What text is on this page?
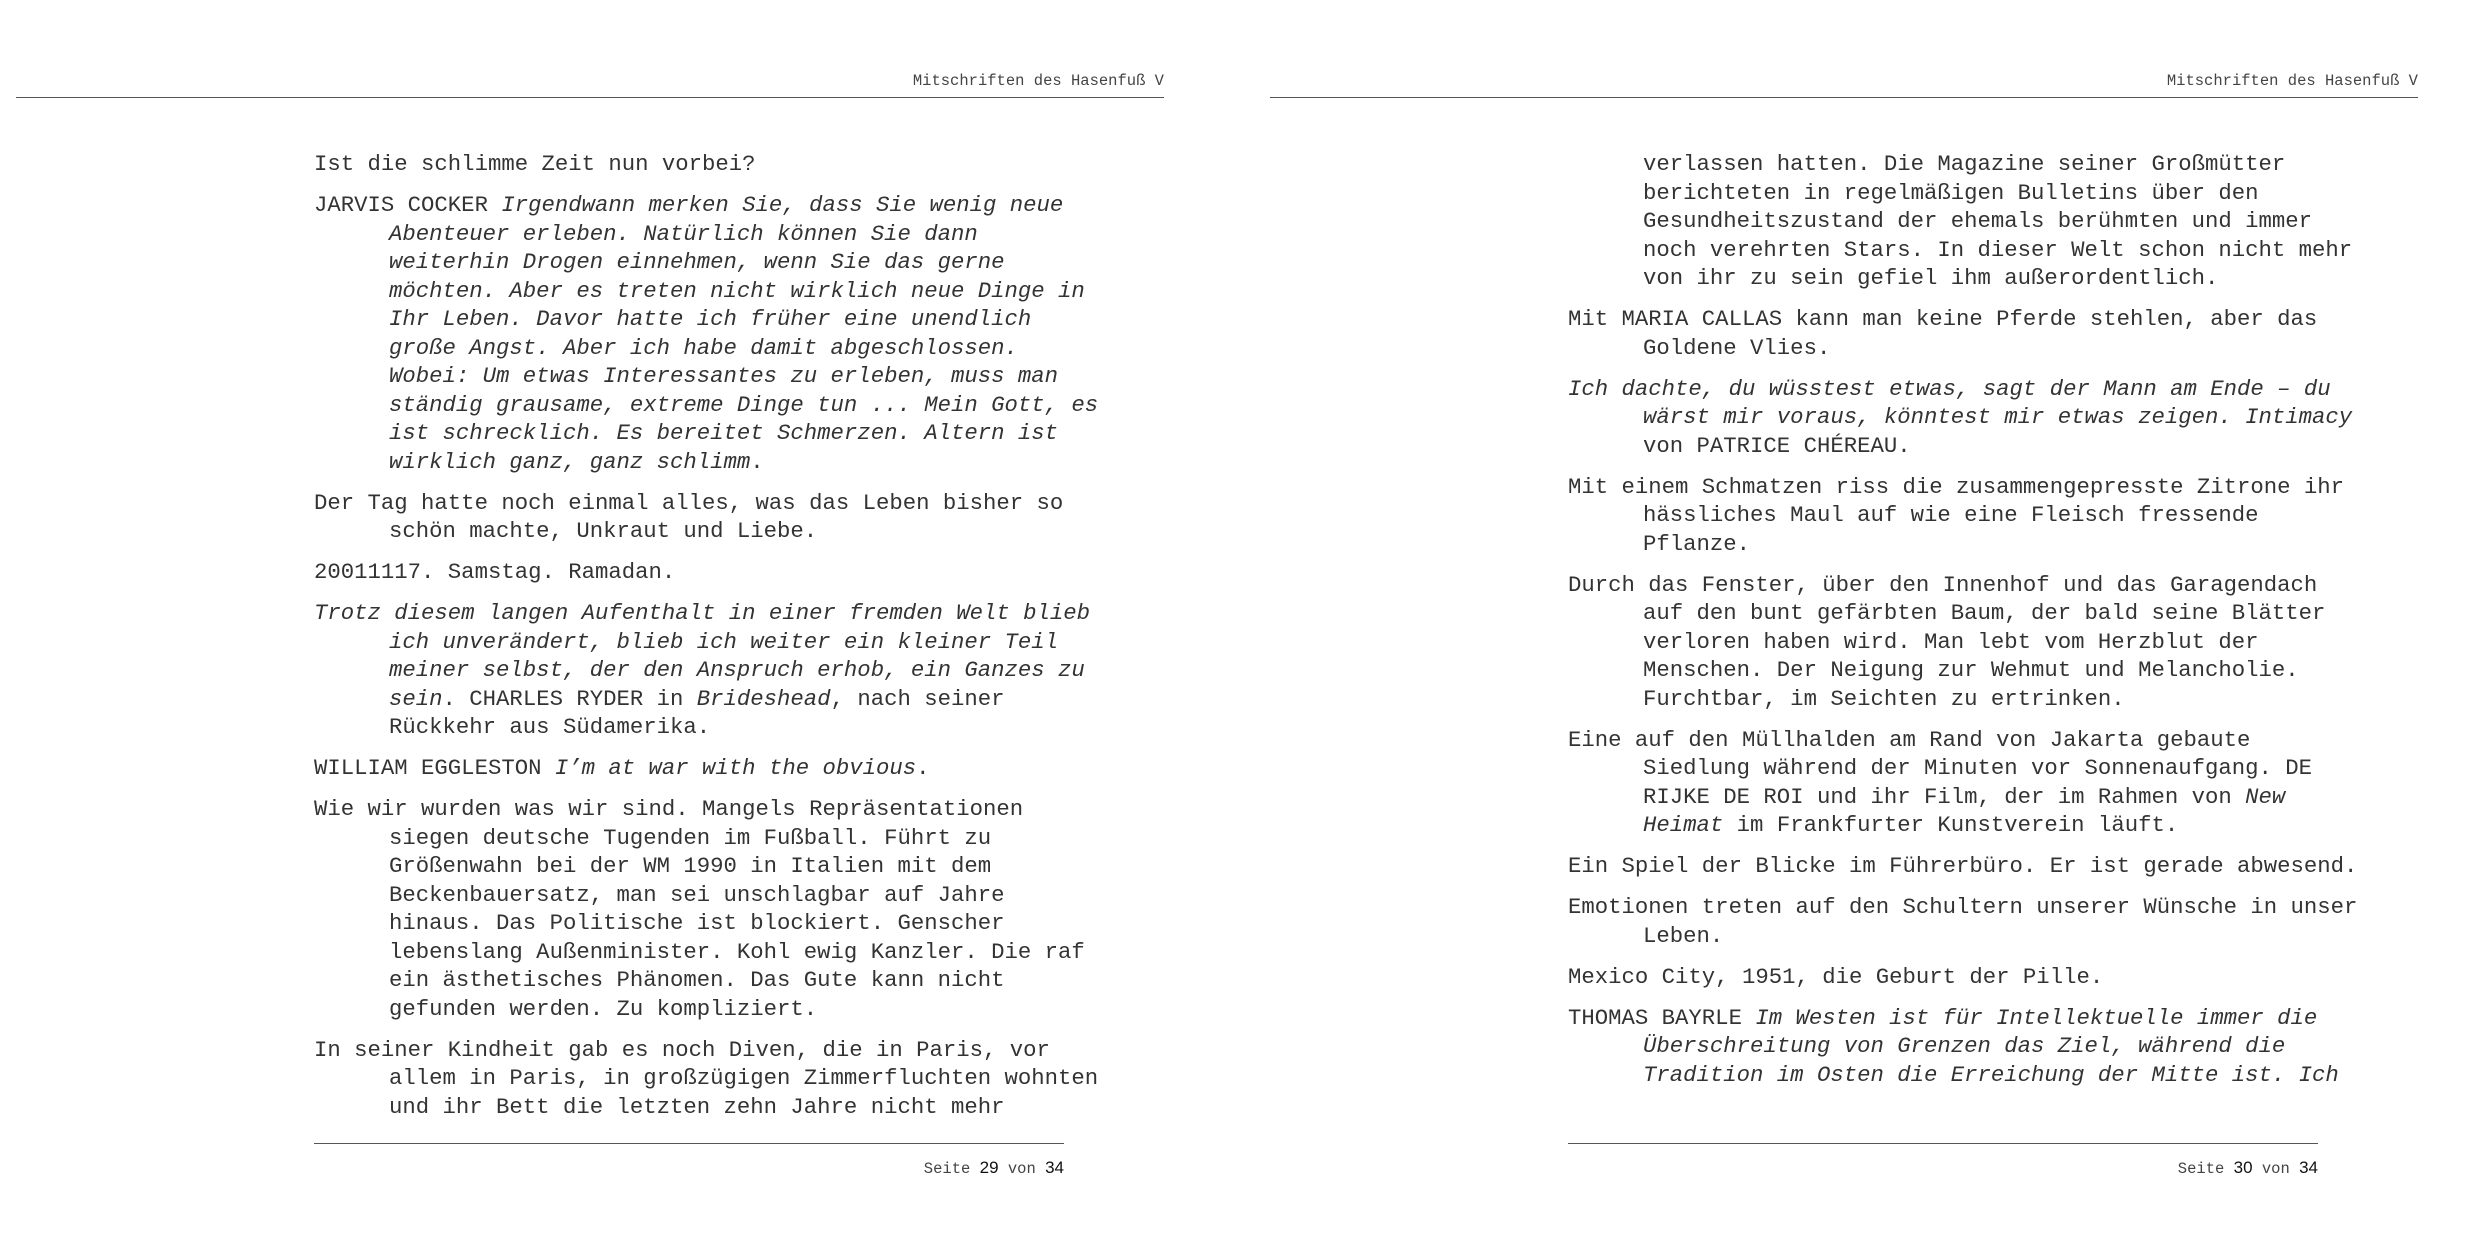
Mitschriften des Hasenfuß V

Ist die schlimme Zeit nun vorbei?

JARVIS COCKER Irgendwann merken Sie, dass Sie wenig neue Abenteuer erleben. Natürlich können Sie dann weiterhin Drogen einnehmen, wenn Sie das gerne möchten. Aber es treten nicht wirklich neue Dinge in Ihr Leben. Davor hatte ich früher eine unendlich große Angst. Aber ich habe damit abgeschlossen. Wobei: Um etwas Interessantes zu erleben, muss man ständig grausame, extreme Dinge tun ... Mein Gott, es ist schrecklich. Es bereitet Schmerzen. Altern ist wirklich ganz, ganz schlimm.

Der Tag hatte noch einmal alles, was das Leben bisher so schön machte, Unkraut und Liebe.

20011117. Samstag. Ramadan.

Trotz diesem langen Aufenthalt in einer fremden Welt blieb ich unverändert, blieb ich weiter ein kleiner Teil meiner selbst, der den Anspruch erhob, ein Ganzes zu sein. CHARLES RYDER in Brideshead, nach seiner Rückkehr aus Südamerika.

WILLIAM EGGLESTON I’m at war with the obvious.

Wie wir wurden was wir sind. Mangels Repräsentationen siegen deutsche Tugenden im Fußball. Führt zu Größenwahn bei der WM 1990 in Italien mit dem Beckenbauersatz, man sei unschlagbar auf Jahre hinaus. Das Politische ist blockiert. Genscher lebenslang Außenminister. Kohl ewig Kanzler. Die raf ein ästhetisches Phänomen. Das Gute kann nicht gefunden werden. Zu kompliziert.

In seiner Kindheit gab es noch Diven, die in Paris, vor allem in Paris, in großzügigen Zimmerfluchten wohnten und ihr Bett die letzten zehn Jahre nicht mehr

Seite 29 von 34
Mitschriften des Hasenfuß V

verlassen hatten. Die Magazine seiner Großmütter berichteten in regelmäßigen Bulletins über den Gesundheitszustand der ehemals berühmten und immer noch verehrten Stars. In dieser Welt schon nicht mehr von ihr zu sein gefiel ihm außerordentlich.

Mit MARIA CALLAS kann man keine Pferde stehlen, aber das Goldene Vlies.

Ich dachte, du wüsstest etwas, sagt der Mann am Ende – du wärst mir voraus, könntest mir etwas zeigen. Intimacy von PATRICE CHÉREAU.

Mit einem Schmatzen riss die zusammengepresste Zitrone ihr hässliches Maul auf wie eine Fleisch fressende Pflanze.

Durch das Fenster, über den Innenhof und das Garagendach auf den bunt gefärbten Baum, der bald seine Blätter verloren haben wird. Man lebt vom Herzblut der Menschen. Der Neigung zur Wehmut und Melancholie. Furchtbar, im Seichten zu ertrinken.

Eine auf den Müllhalden am Rand von Jakarta gebaute Siedlung während der Minuten vor Sonnenaufgang. DE RIJKE DE ROI und ihr Film, der im Rahmen von New Heimat im Frankfurter Kunstverein läuft.

Ein Spiel der Blicke im Führerbüro. Er ist gerade abwesend.

Emotionen treten auf den Schultern unserer Wünsche in unser Leben.

Mexico City, 1951, die Geburt der Pille.

THOMAS BAYRLE Im Westen ist für Intellektuelle immer die Überschreitung von Grenzen das Ziel, während die Tradition im Osten die Erreichung der Mitte ist. Ich

Seite 30 von 34
